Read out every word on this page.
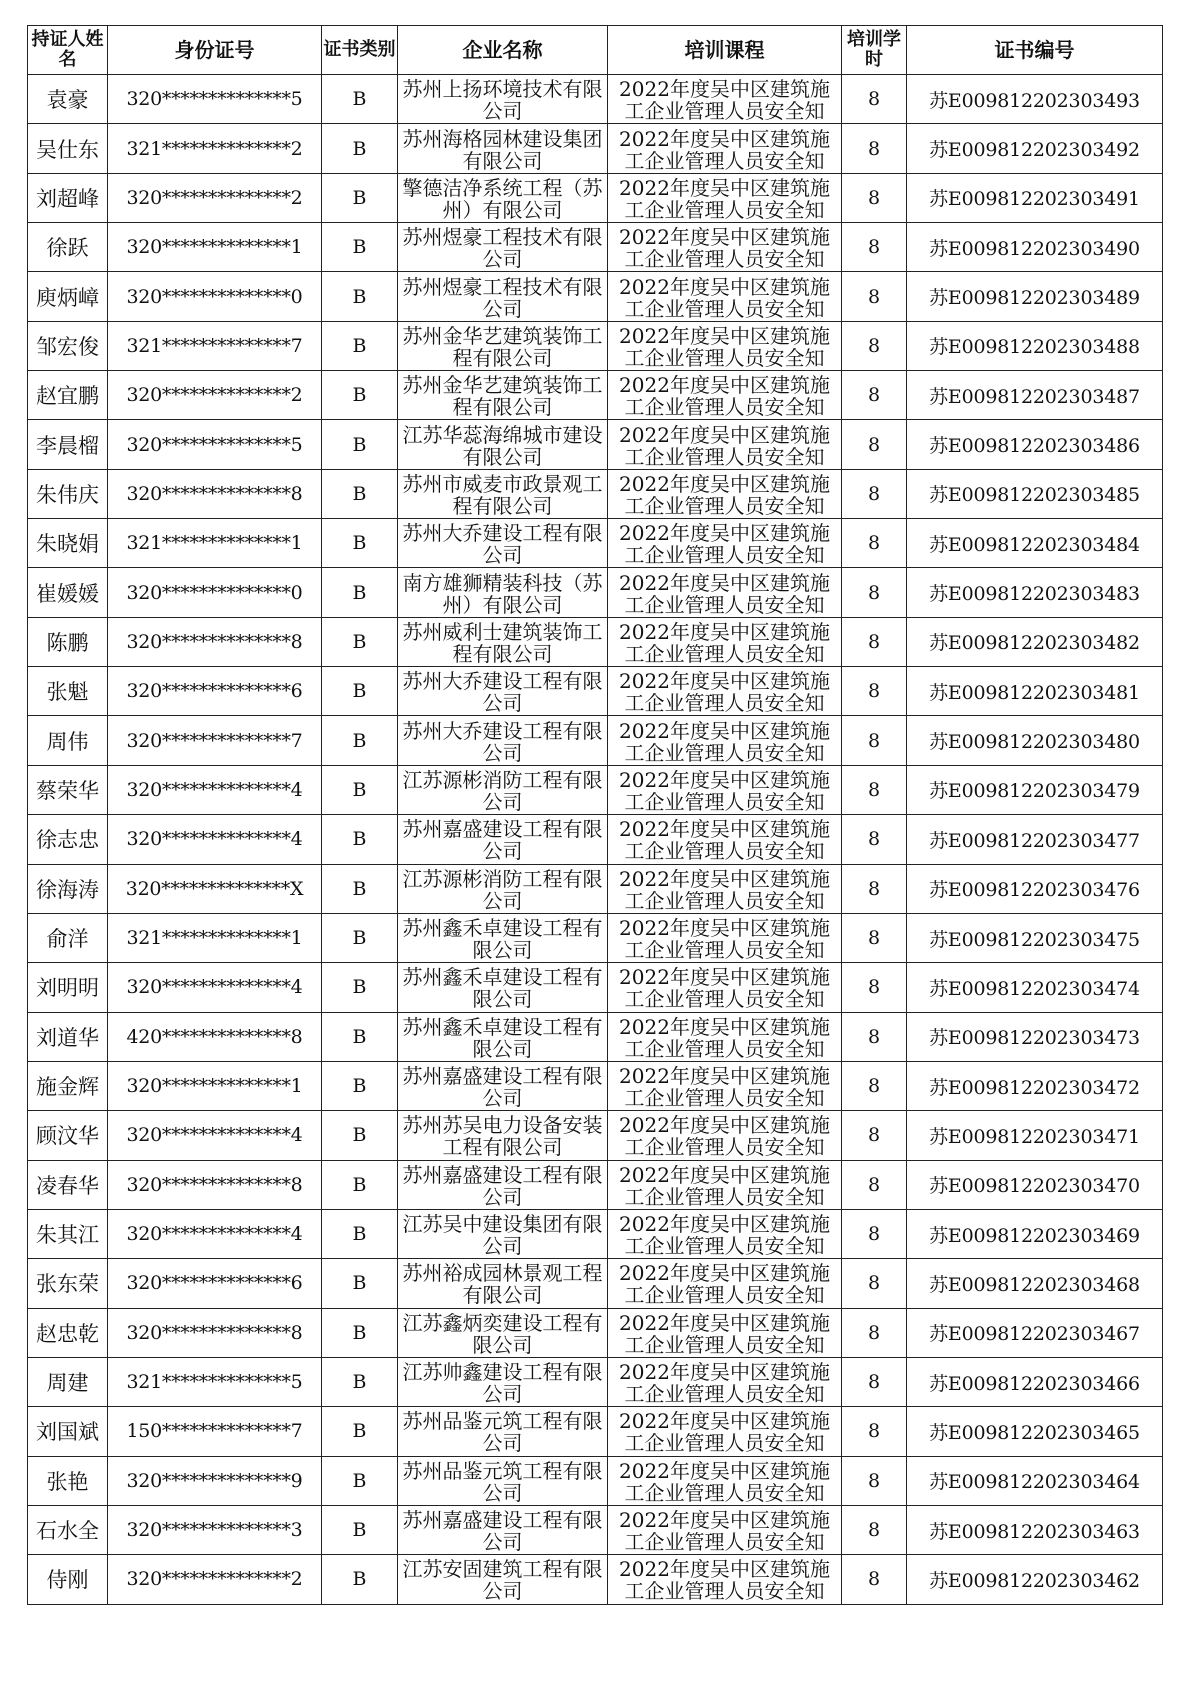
持证人姓名	身份证号	证书类别	企业名称	培训课程	培训学时	证书编号
袁豪	320**************5	B	苏州上扬环境技术有限公司	2022年度吴中区建筑施工企业管理人员安全知	8	苏E009812202303493
吴仕东	321**************2	B	苏州海格园林建设集团有限公司	2022年度吴中区建筑施工企业管理人员安全知	8	苏E009812202303492
刘超峰	320**************2	B	擎德洁净系统工程（苏州）有限公司	2022年度吴中区建筑施工企业管理人员安全知	8	苏E009812202303491
徐跃	320**************1	B	苏州煜豪工程技术有限公司	2022年度吴中区建筑施工企业管理人员安全知	8	苏E009812202303490
庾炳嶂	320**************0	B	苏州煜豪工程技术有限公司	2022年度吴中区建筑施工企业管理人员安全知	8	苏E009812202303489
邹宏俊	321**************7	B	苏州金华艺建筑装饰工程有限公司	2022年度吴中区建筑施工企业管理人员安全知	8	苏E009812202303488
赵宜鹏	320**************2	B	苏州金华艺建筑装饰工程有限公司	2022年度吴中区建筑施工企业管理人员安全知	8	苏E009812202303487
李晨榴	320**************5	B	江苏华蕊海绵城市建设有限公司	2022年度吴中区建筑施工企业管理人员安全知	8	苏E009812202303486
朱伟庆	320**************8	B	苏州市威麦市政景观工程有限公司	2022年度吴中区建筑施工企业管理人员安全知	8	苏E009812202303485
朱晓娟	321**************1	B	苏州大乔建设工程有限公司	2022年度吴中区建筑施工企业管理人员安全知	8	苏E009812202303484
崔媛媛	320**************0	B	南方雄狮精装科技（苏州）有限公司	2022年度吴中区建筑施工企业管理人员安全知	8	苏E009812202303483
陈鹏	320**************8	B	苏州威利士建筑装饰工程有限公司	2022年度吴中区建筑施工企业管理人员安全知	8	苏E009812202303482
张魁	320**************6	B	苏州大乔建设工程有限公司	2022年度吴中区建筑施工企业管理人员安全知	8	苏E009812202303481
周伟	320**************7	B	苏州大乔建设工程有限公司	2022年度吴中区建筑施工企业管理人员安全知	8	苏E009812202303480
蔡荣华	320**************4	B	江苏源彬消防工程有限公司	2022年度吴中区建筑施工企业管理人员安全知	8	苏E009812202303479
徐志忠	320**************4	B	苏州嘉盛建设工程有限公司	2022年度吴中区建筑施工企业管理人员安全知	8	苏E009812202303477
徐海涛	320**************X	B	江苏源彬消防工程有限公司	2022年度吴中区建筑施工企业管理人员安全知	8	苏E009812202303476
俞洋	321**************1	B	苏州鑫禾卓建设工程有限公司	2022年度吴中区建筑施工企业管理人员安全知	8	苏E009812202303475
刘明明	320**************4	B	苏州鑫禾卓建设工程有限公司	2022年度吴中区建筑施工企业管理人员安全知	8	苏E009812202303474
刘道华	420**************8	B	苏州鑫禾卓建设工程有限公司	2022年度吴中区建筑施工企业管理人员安全知	8	苏E009812202303473
施金辉	320**************1	B	苏州嘉盛建设工程有限公司	2022年度吴中区建筑施工企业管理人员安全知	8	苏E009812202303472
顾汶华	320**************4	B	苏州苏吴电力设备安装工程有限公司	2022年度吴中区建筑施工企业管理人员安全知	8	苏E009812202303471
凌春华	320**************8	B	苏州嘉盛建设工程有限公司	2022年度吴中区建筑施工企业管理人员安全知	8	苏E009812202303470
朱其江	320**************4	B	江苏吴中建设集团有限公司	2022年度吴中区建筑施工企业管理人员安全知	8	苏E009812202303469
张东荣	320**************6	B	苏州裕成园林景观工程有限公司	2022年度吴中区建筑施工企业管理人员安全知	8	苏E009812202303468
赵忠乾	320**************8	B	江苏鑫炳奕建设工程有限公司	2022年度吴中区建筑施工企业管理人员安全知	8	苏E009812202303467
周建	321**************5	B	江苏帅鑫建设工程有限公司	2022年度吴中区建筑施工企业管理人员安全知	8	苏E009812202303466
刘国斌	150**************7	B	苏州品鉴元筑工程有限公司	2022年度吴中区建筑施工企业管理人员安全知	8	苏E009812202303465
张艳	320**************9	B	苏州品鉴元筑工程有限公司	2022年度吴中区建筑施工企业管理人员安全知	8	苏E009812202303464
石水全	320**************3	B	苏州嘉盛建设工程有限公司	2022年度吴中区建筑施工企业管理人员安全知	8	苏E009812202303463
侍刚	320**************2	B	江苏安固建筑工程有限公司	2022年度吴中区建筑施工企业管理人员安全知	8	苏E009812202303462
